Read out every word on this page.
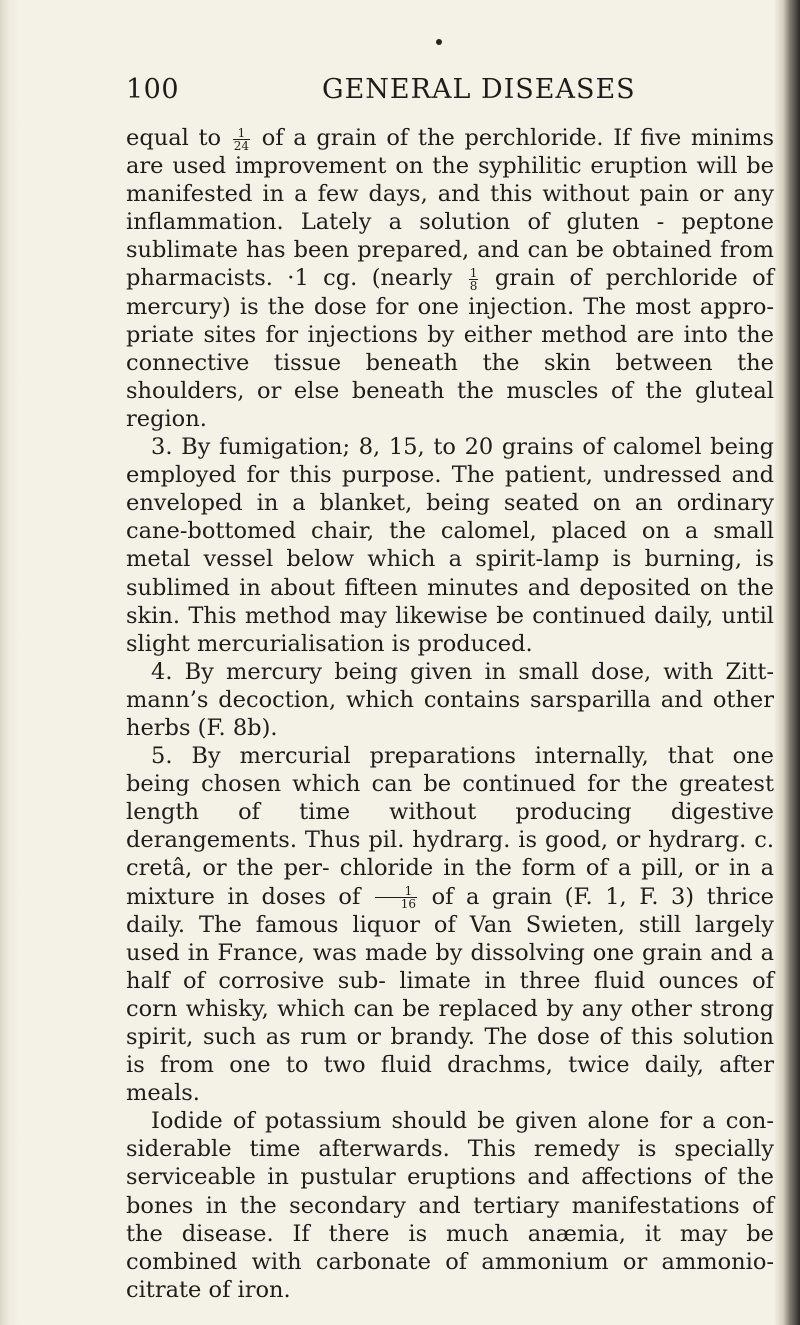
100	GENERAL DISEASES

equal to $\frac{1}{24}$ of a grain of the perchloride. If five minims are used improvement on the syphilitic eruption will be manifested in a few days, and this without pain or any inflammation. Lately a solution of gluten - peptone sublimate has been prepared, and can be obtained from pharmacists. ·1 cg. (nearly $\frac{1}{8}$ grain of perchloride of mercury) is the dose for one injection. The most appro- priate sites for injections by either method are into the connective tissue beneath the skin between the shoulders, or else beneath the muscles of the gluteal region.

3. By fumigation; 8, 15, to 20 grains of calomel being employed for this purpose. The patient, undressed and enveloped in a blanket, being seated on an ordinary cane-bottomed chair, the calomel, placed on a small metal vessel below which a spirit-lamp is burning, is sublimed in about fifteen minutes and deposited on the skin. This method may likewise be continued daily, until slight mercurialisation is produced.

4. By mercury being given in small dose, with Zitt- mann’s decoction, which contains sarsparilla and other herbs (F. 8b).

5. By mercurial preparations internally, that one being chosen which can be continued for the greatest length of time without producing digestive derangements. Thus pil. hydrarg. is good, or hydrarg. c. cretâ, or the per- chloride in the form of a pill, or in a mixture in doses of $\frac{1}{16}$ of a grain (F. 1, F. 3) thrice daily. The famous liquor of Van Swieten, still largely used in France, was made by dissolving one grain and a half of corrosive sub- limate in three fluid ounces of corn whisky, which can be replaced by any other strong spirit, such as rum or brandy. The dose of this solution is from one to two fluid drachms, twice daily, after meals.

Iodide of potassium should be given alone for a con- siderable time afterwards. This remedy is specially serviceable in pustular eruptions and affections of the bones in the secondary and tertiary manifestations of the disease. If there is much anæmia, it may be combined with carbonate of ammonium or ammonio-citrate of iron.
